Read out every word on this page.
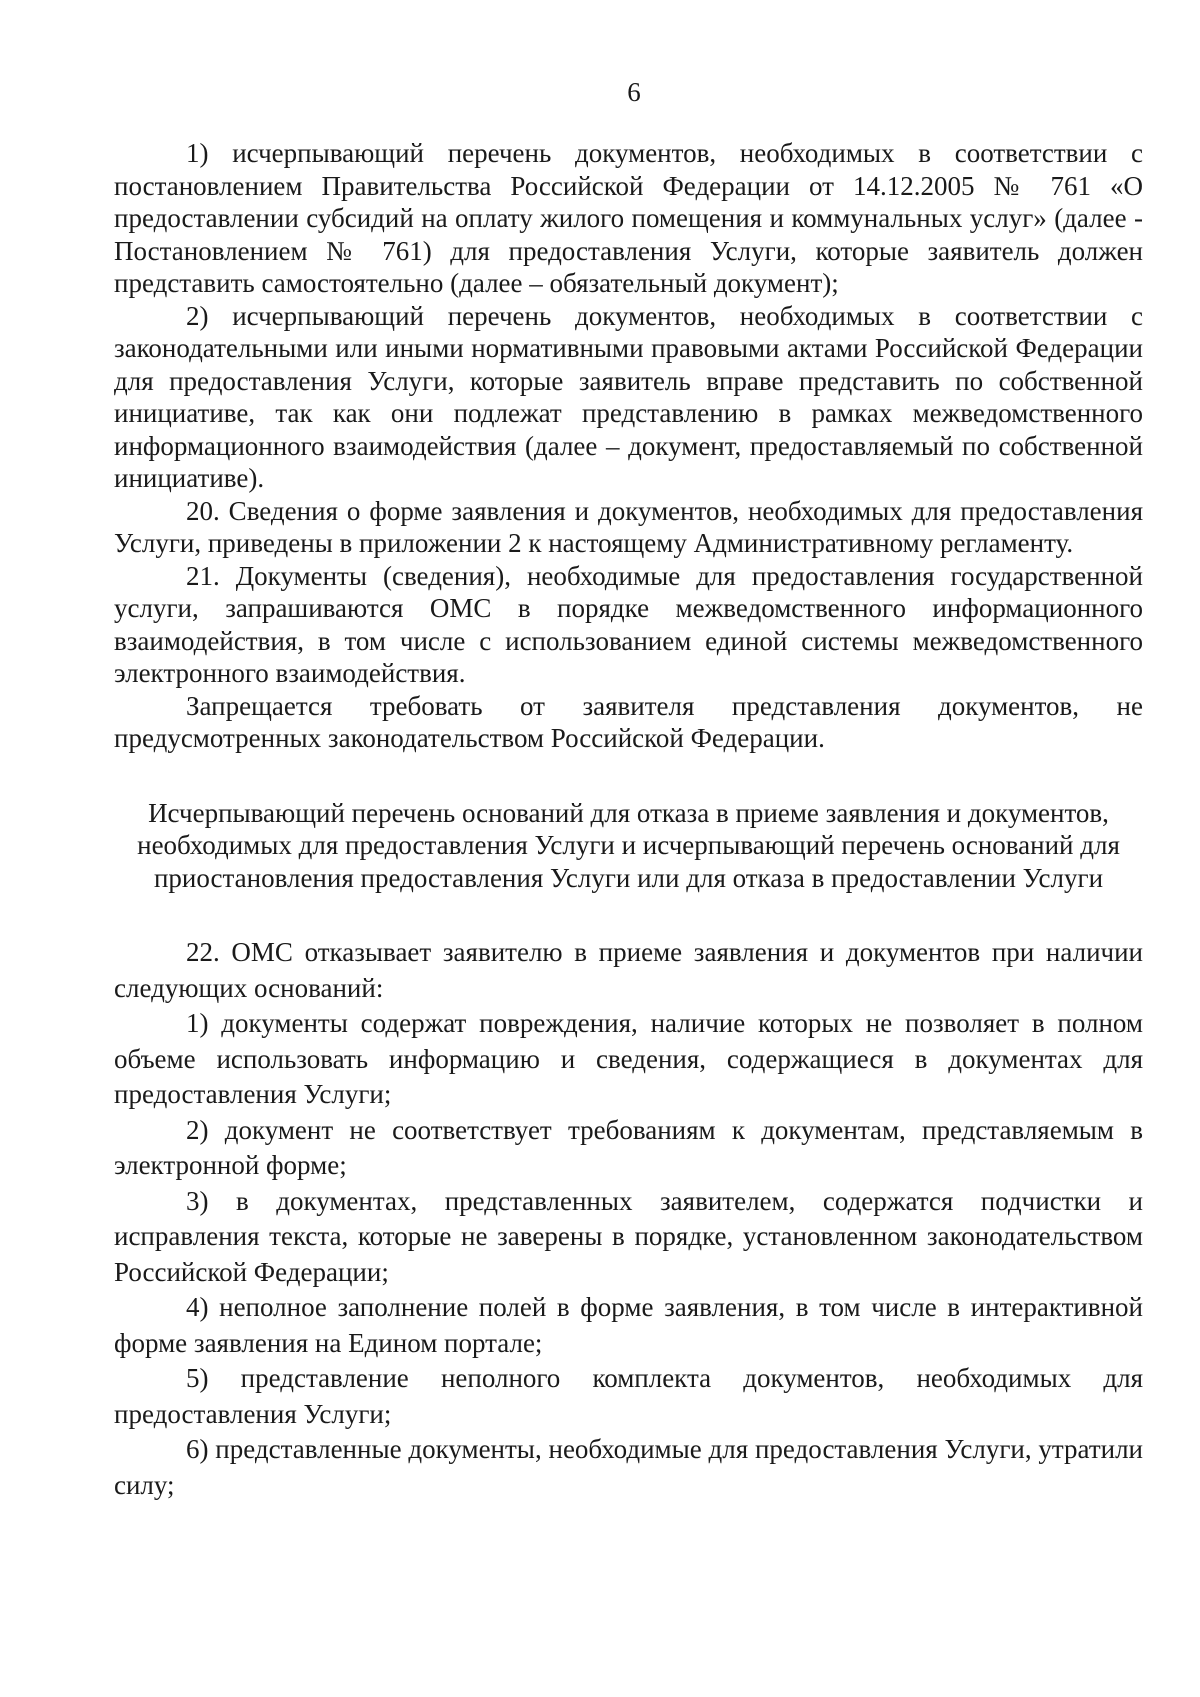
6

1) исчерпывающий перечень документов, необходимых в соответствии с постановлением Правительства Российской Федерации от 14.12.2005 № 761 «О предоставлении субсидий на оплату жилого помещения и коммунальных услуг» (далее - Постановлением № 761) для предоставления Услуги, которые заявитель должен представить самостоятельно (далее – обязательный документ);

2) исчерпывающий перечень документов, необходимых в соответствии с законодательными или иными нормативными правовыми актами Российской Федерации для предоставления Услуги, которые заявитель вправе представить по собственной инициативе, так как они подлежат представлению в рамках межведомственного информационного взаимодействия (далее – документ, предоставляемый по собственной инициативе).

20. Сведения о форме заявления и документов, необходимых для предоставления Услуги, приведены в приложении 2 к настоящему Административному регламенту.

21. Документы (сведения), необходимые для предоставления государственной услуги, запрашиваются ОМС в порядке межведомственного информационного взаимодействия, в том числе с использованием единой системы межведомственного электронного взаимодействия.

Запрещается требовать от заявителя представления документов, не предусмотренных законодательством Российской Федерации.

Исчерпывающий перечень оснований для отказа в приеме заявления и документов, необходимых для предоставления Услуги и исчерпывающий перечень оснований для приостановления предоставления Услуги или для отказа в предоставлении Услуги

22. ОМС отказывает заявителю в приеме заявления и документов при наличии следующих оснований:

1) документы содержат повреждения, наличие которых не позволяет в полном объеме использовать информацию и сведения, содержащиеся в документах для предоставления Услуги;

2) документ не соответствует требованиям к документам, представляемым в электронной форме;

3) в документах, представленных заявителем, содержатся подчистки и исправления текста, которые не заверены в порядке, установленном законодательством Российской Федерации;

4) неполное заполнение полей в форме заявления, в том числе в интерактивной форме заявления на Едином портале;

5) представление неполного комплекта документов, необходимых для предоставления Услуги;

6) представленные документы, необходимые для предоставления Услуги, утратили силу;
